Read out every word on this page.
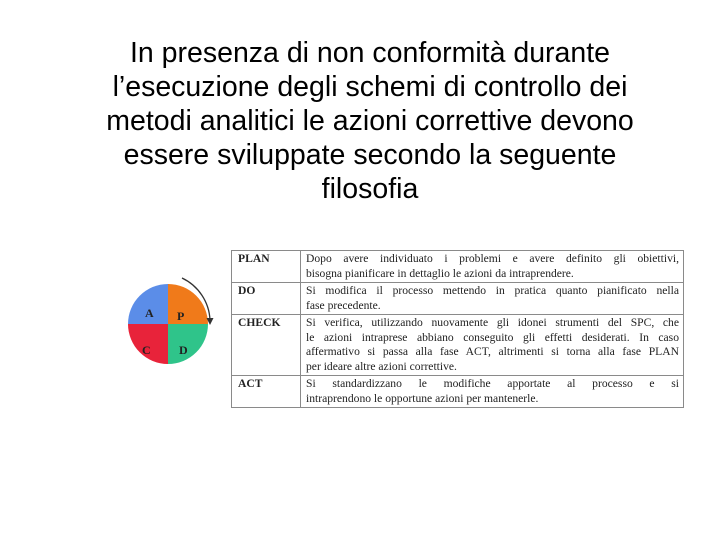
In presenza di non conformità durante
l’esecuzione degli schemi di controllo dei
metodi analitici le azioni correttive devono
essere sviluppate secondo la seguente
filosofia
A P
C D
PLAN	Dopo avere individuato i problemi e avere definito gli obiettivi,
bisogna pianificare in dettaglio le azioni da intraprendere.

DO	Si modifica il processo mettendo in pratica quanto pianificato nella
fase precedente.

CHECK	Si verifica, utilizzando nuovamente gli idonei strumenti del SPC, che
le azioni intraprese abbiano conseguito gli effetti desiderati. In caso
affermativo si passa alla fase ACT, altrimenti si torna alla fase PLAN
per ideare altre azioni correttive.

ACT	Si standardizzano le modifiche apportate al processo e si
intraprendono le opportune azioni per mantenerle.
